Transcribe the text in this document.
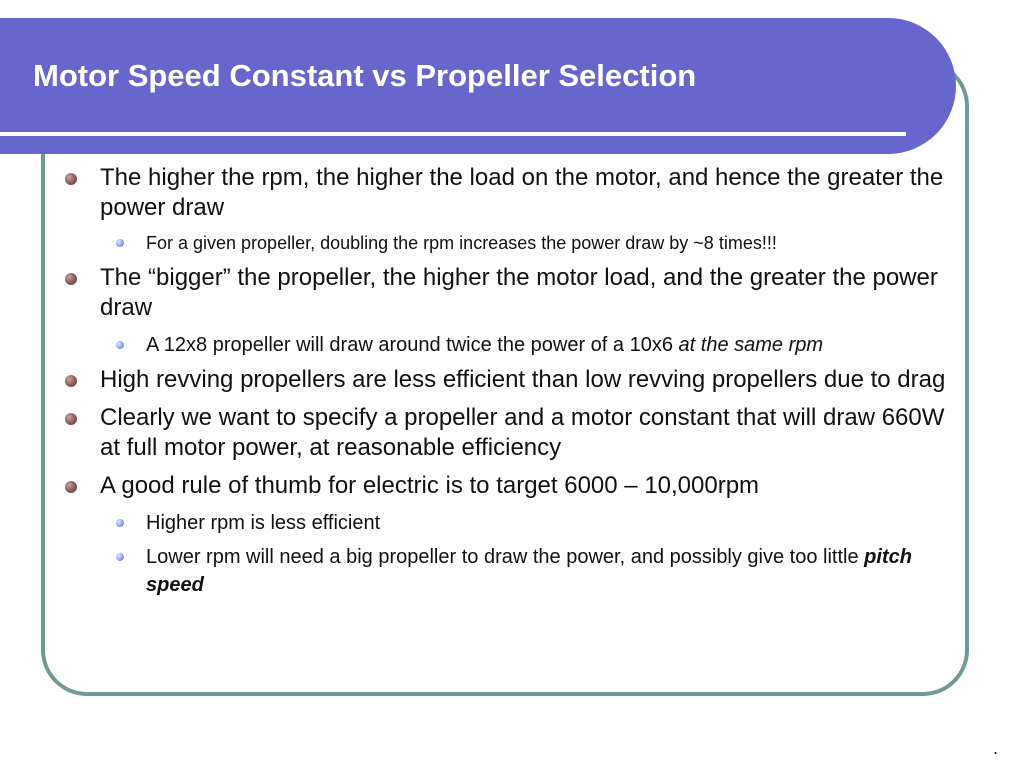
Motor Speed Constant vs Propeller Selection
The higher the rpm, the higher the load on the motor, and hence the greater the power draw
For a given propeller, doubling the rpm increases the power draw by ~8 times!!!
The “bigger” the propeller, the higher the motor load, and the greater the power draw
A 12x8 propeller will draw around twice the power of a 10x6 at the same rpm
High revving propellers are less efficient than low revving propellers due to drag
Clearly we want to specify a propeller and a motor constant that will draw 660W at full motor power, at reasonable efficiency
A good rule of thumb for electric is to target 6000 – 10,000rpm
Higher rpm is less efficient
Lower rpm will need a big propeller to draw the power, and possibly give too little pitch speed
.
